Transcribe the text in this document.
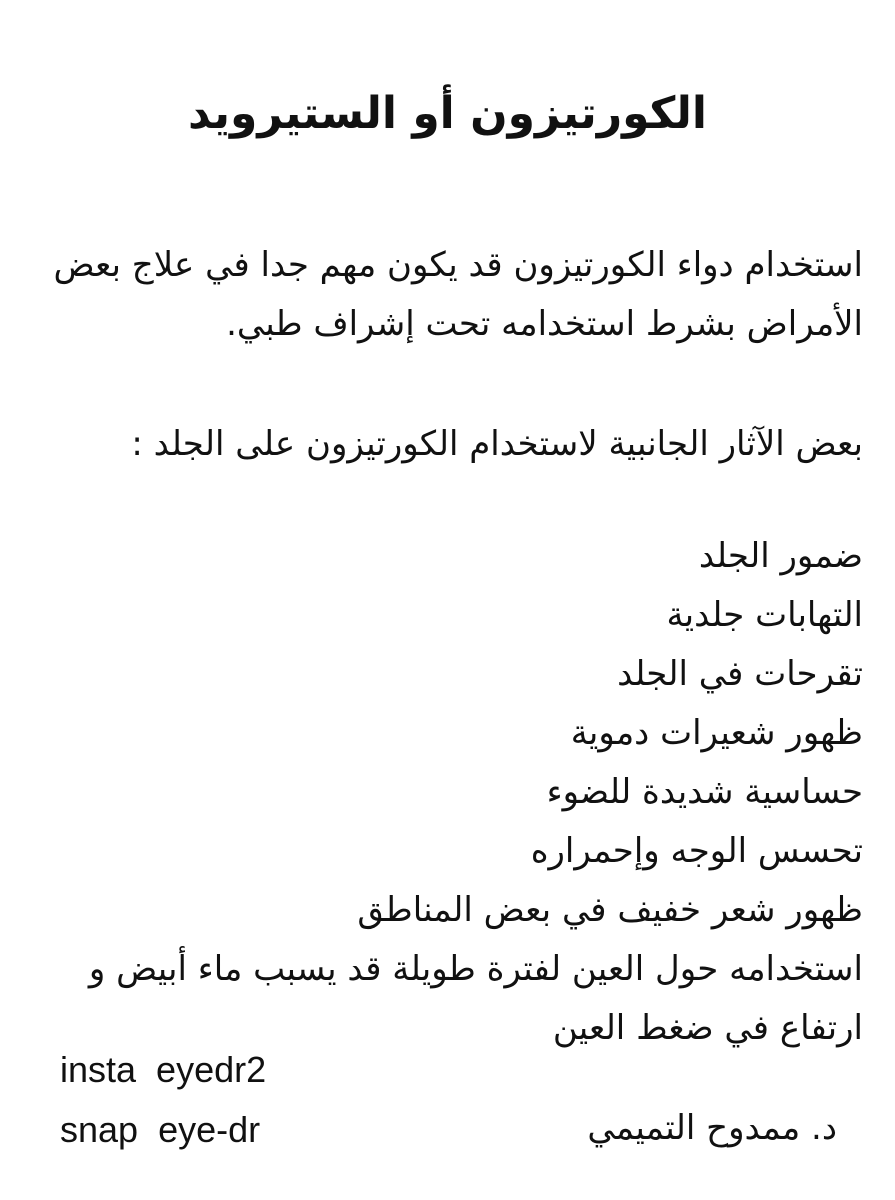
الكورتيزون أو الستيرويد

استخدام دواء الكورتيزون قد يكون مهم جدا في علاج بعض الأمراض بشرط استخدامه تحت إشراف طبي.

بعض الآثار الجانبية لاستخدام الكورتيزون على الجلد :

ضمور الجلد
التهابات جلدية
تقرحات في الجلد
ظهور شعيرات دموية
حساسية شديدة للضوء
تحسس الوجه وإحمراره
ظهور شعر خفيف في بعض المناطق
استخدامه حول العين لفترة طويلة قد يسبب ماء أبيض و ارتفاع في ضغط العين

insta  eyedr2

snap  eye-dr	د. ممدوح التميمي
